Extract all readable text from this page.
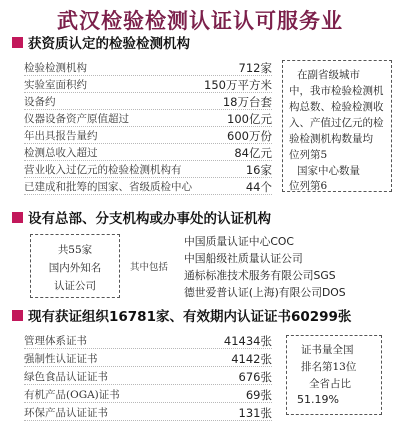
武汉检验检测认证认可服务业
获资质认定的检验检测机构
检验检测机构	712家
实验室面积约	150万平方米
设备约	18万台套
仪器设备资产原值超过	100亿元
年出具报告量约	600万份
检测总收入超过	84亿元
营业收入过亿元的检验检测机构有	16家
已建成和批筹的国家、省级质检中心	44个
在副省级城市
中，我市检验检测机
构总数、检验检测收
入、产值过亿元的检
验检测机构数量均
位列第5
国家中心数量
位列第6
设有总部、分支机构或办事处的认证机构
共55家
国内外知名
认证公司
其中包括
中国质量认证中心COC
中国船级社质量认证公司
通标标准技术服务有限公司SGS
德世爱普认证(上海)有限公司DOS
现有获证组织16781家、有效期内认证证书60299张
管理体系证书	41434张
强制性认证证书	4142张
绿色食品认证证书	676张
有机产品(OGA)证书	69张
环保产品认证证书	131张
证书量全国
排名第13位
全省占比
51.19%
